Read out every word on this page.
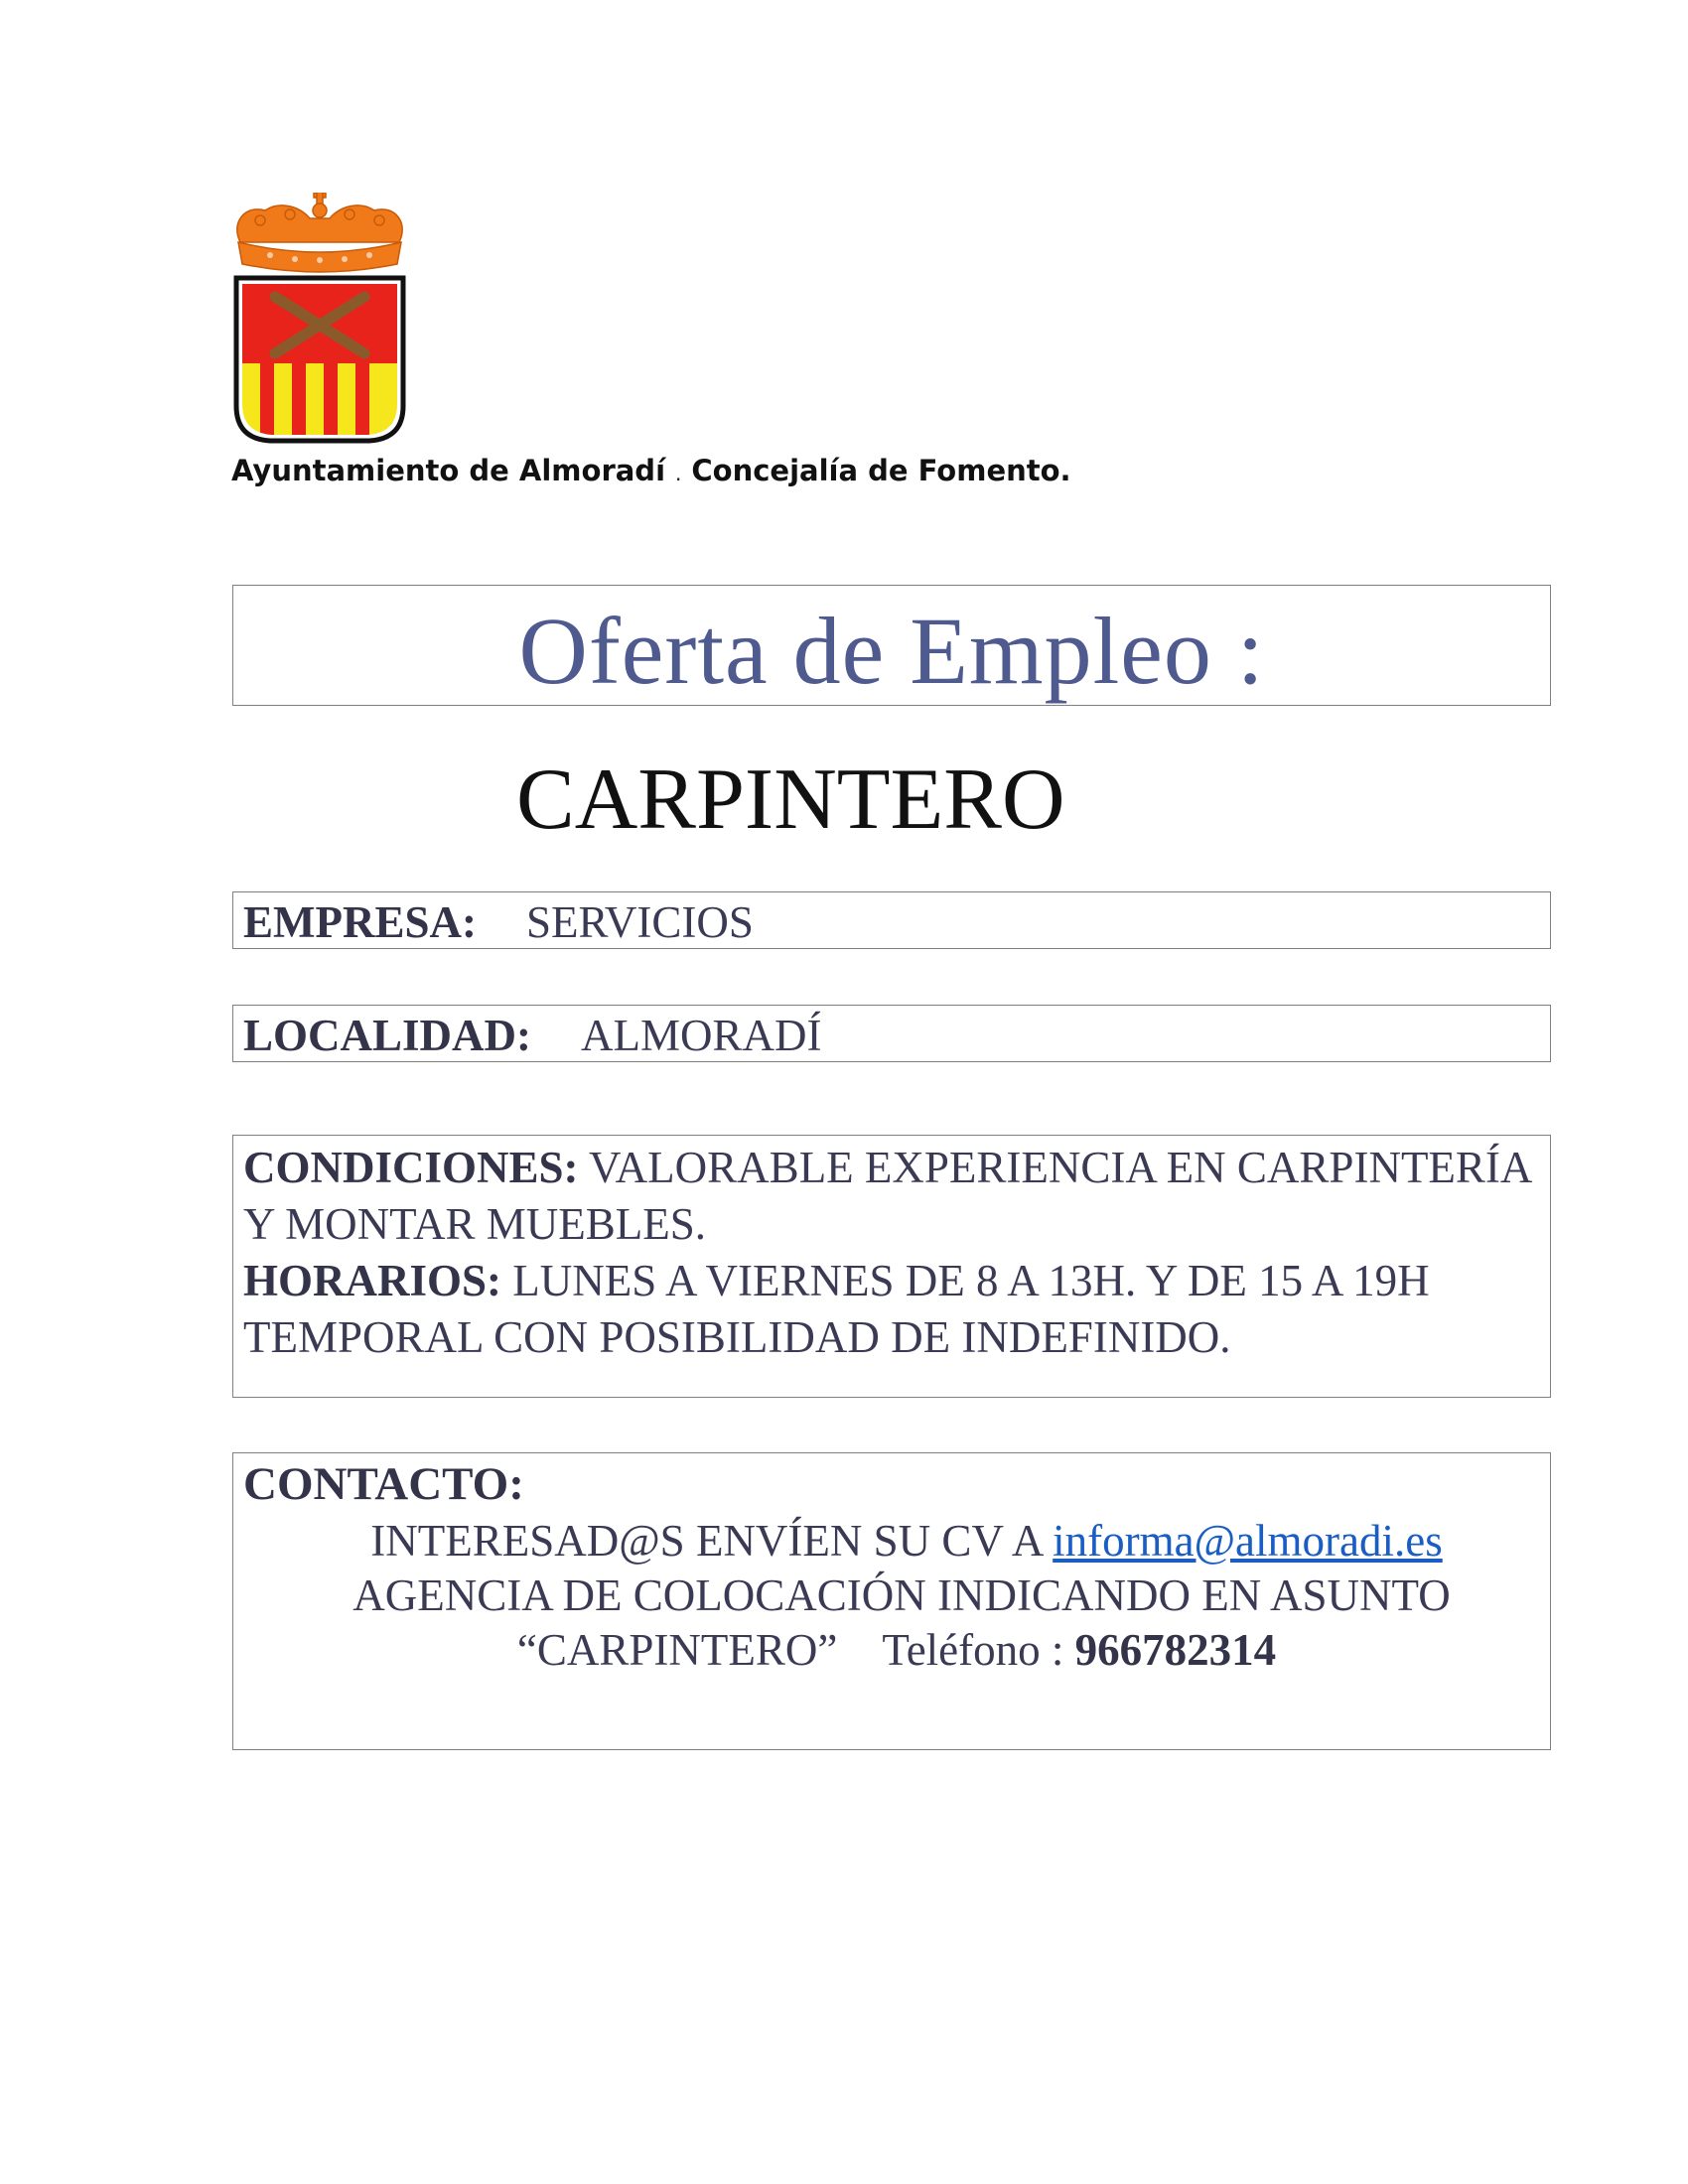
Ayuntamiento de Almoradí . Concejalía de Fomento.
Oferta de Empleo :
CARPINTERO
EMPRESA: SERVICIOS
LOCALIDAD: ALMORADÍ
CONDICIONES: VALORABLE EXPERIENCIA EN CARPINTERÍA Y MONTAR MUEBLES.
HORARIOS: LUNES A VIERNES DE 8 A 13H. Y DE 15 A 19H TEMPORAL CON POSIBILIDAD DE INDEFINIDO.
CONTACTO:
INTERESAD@S ENVÍEN SU CV A informa@almoradi.es
AGENCIA DE COLOCACIÓN INDICANDO EN ASUNTO
“CARPINTERO” Teléfono : 966782314
